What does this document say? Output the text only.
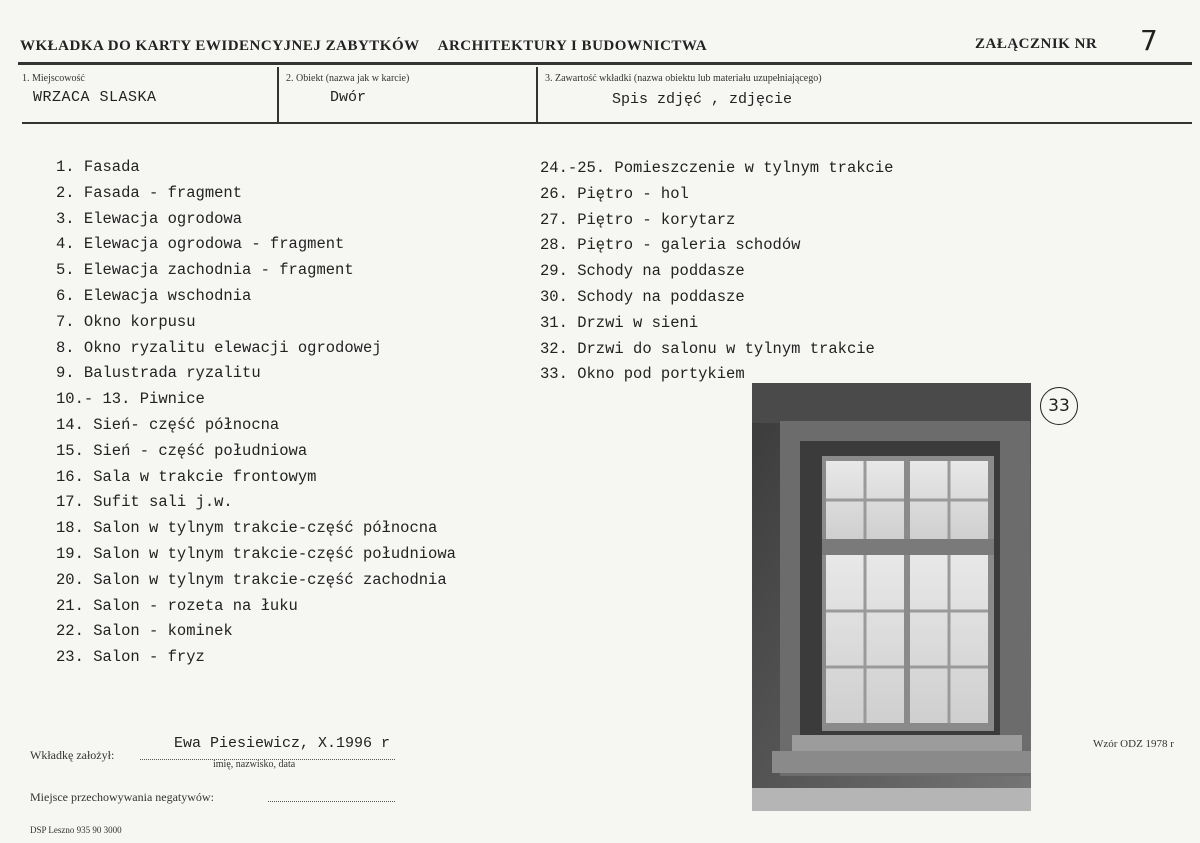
WKŁADKA DO KARTY EWIDENCYJNEJ ZABYTKÓW ARCHITEKTURY I BUDOWNICTWA	ZAŁĄCZNIK NR 7
1. Miejscowość
WRZACA SLASKA
2. Obiekt (nazwa jak w karcie)
Dwór
3. Zawartość wkładki (nazwa obiektu lub materiału uzupełniającego)
Spis zdjęć , zdjęcie
1. Fasada
2. Fasada - fragment
3. Elewacja ogrodowa
4. Elewacja ogrodowa - fragment
5. Elewacja zachodnia - fragment
6. Elewacja wschodnia
7. Okno korpusu
8. Okno ryzalitu elewacji ogrodowej
9. Balustrada ryzalitu
10.- 13. Piwnice
14. Sień- część północna
15. Sień - część południowa
16. Sala w trakcie frontowym
17. Sufit sali j.w.
18. Salon w tylnym trakcie-część północna
19. Salon w tylnym trakcie-część południowa
20. Salon w tylnym trakcie-część zachodnia
21. Salon - rozeta na łuku
22. Salon - kominek
23. Salon - fryz
24.-25. Pomieszczenie w tylnym trakcie
26. Piętro - hol
27. Piętro - korytarz
28. Piętro - galeria schodów
29. Schody na poddasze
30. Schody na poddasze
31. Drzwi w sieni
32. Drzwi do salonu w tylnym trakcie
33. Okno pod portykiem
33
Wkładkę założył:
Ewa Piesiewicz, X.1996 r
imię, nazwisko, data
Miejsce przechowywania negatywów:
Wzór ODZ 1978 r
DSP Leszno 935 90 3000
